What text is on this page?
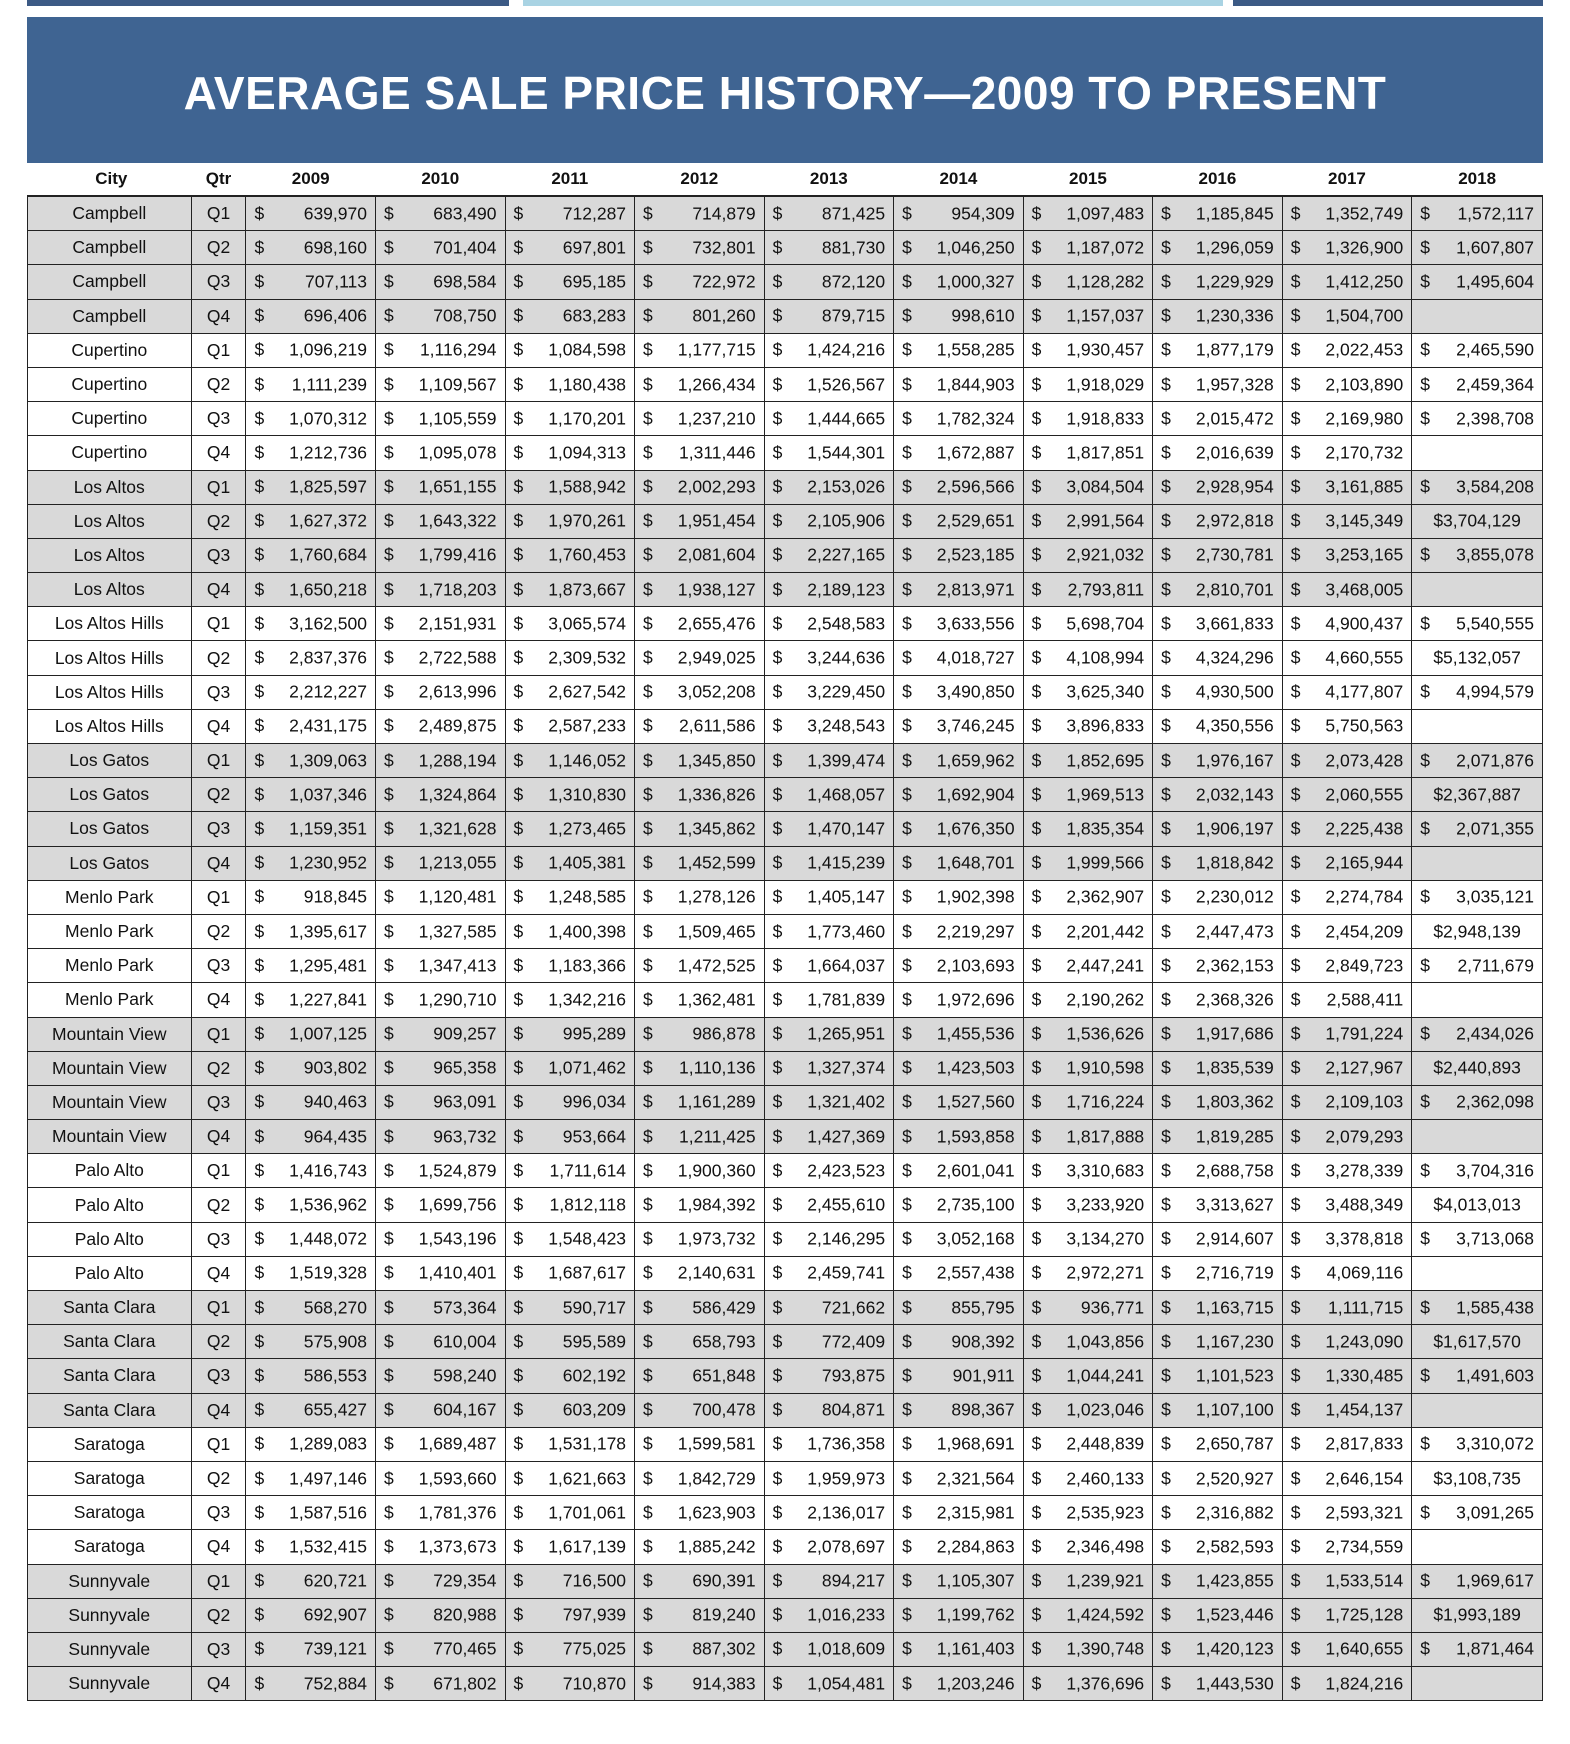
AVERAGE SALE PRICE HISTORY—2009 TO PRESENT
City	Qtr	2009	2010	2011	2012	2013	2014	2015	2016	2017	2018
Campbell	Q1	$ 639,970	$ 683,490	$ 712,287	$ 714,879	$ 871,425	$ 954,309	$ 1,097,483	$ 1,185,845	$ 1,352,749	$ 1,572,117

Campbell	Q2	$ 698,160	$ 701,404	$ 697,801	$ 732,801	$ 881,730	$ 1,046,250	$ 1,187,072	$ 1,296,059	$ 1,326,900	$ 1,607,807

Campbell	Q3	$ 707,113	$ 698,584	$ 695,185	$ 722,972	$ 872,120	$ 1,000,327	$ 1,128,282	$ 1,229,929	$ 1,412,250	$ 1,495,604

Campbell	Q4	$ 696,406	$ 708,750	$ 683,283	$ 801,260	$ 879,715	$ 998,610	$ 1,157,037	$ 1,230,336	$ 1,504,700	

Cupertino	Q1	$ 1,096,219	$ 1,116,294	$ 1,084,598	$ 1,177,715	$ 1,424,216	$ 1,558,285	$ 1,930,457	$ 1,877,179	$ 2,022,453	$ 2,465,590

Cupertino	Q2	$ 1,111,239	$ 1,109,567	$ 1,180,438	$ 1,266,434	$ 1,526,567	$ 1,844,903	$ 1,918,029	$ 1,957,328	$ 2,103,890	$ 2,459,364

Cupertino	Q3	$ 1,070,312	$ 1,105,559	$ 1,170,201	$ 1,237,210	$ 1,444,665	$ 1,782,324	$ 1,918,833	$ 2,015,472	$ 2,169,980	$ 2,398,708

Cupertino	Q4	$ 1,212,736	$ 1,095,078	$ 1,094,313	$ 1,311,446	$ 1,544,301	$ 1,672,887	$ 1,817,851	$ 2,016,639	$ 2,170,732	

Los Altos	Q1	$ 1,825,597	$ 1,651,155	$ 1,588,942	$ 2,002,293	$ 2,153,026	$ 2,596,566	$ 3,084,504	$ 2,928,954	$ 3,161,885	$ 3,584,208

Los Altos	Q2	$ 1,627,372	$ 1,643,322	$ 1,970,261	$ 1,951,454	$ 2,105,906	$ 2,529,651	$ 2,991,564	$ 2,972,818	$ 3,145,349	$3,704,129

Los Altos	Q3	$ 1,760,684	$ 1,799,416	$ 1,760,453	$ 2,081,604	$ 2,227,165	$ 2,523,185	$ 2,921,032	$ 2,730,781	$ 3,253,165	$ 3,855,078

Los Altos	Q4	$ 1,650,218	$ 1,718,203	$ 1,873,667	$ 1,938,127	$ 2,189,123	$ 2,813,971	$ 2,793,811	$ 2,810,701	$ 3,468,005	

Los Altos Hills	Q1	$ 3,162,500	$ 2,151,931	$ 3,065,574	$ 2,655,476	$ 2,548,583	$ 3,633,556	$ 5,698,704	$ 3,661,833	$ 4,900,437	$ 5,540,555

Los Altos Hills	Q2	$ 2,837,376	$ 2,722,588	$ 2,309,532	$ 2,949,025	$ 3,244,636	$ 4,018,727	$ 4,108,994	$ 4,324,296	$ 4,660,555	$5,132,057

Los Altos Hills	Q3	$ 2,212,227	$ 2,613,996	$ 2,627,542	$ 3,052,208	$ 3,229,450	$ 3,490,850	$ 3,625,340	$ 4,930,500	$ 4,177,807	$ 4,994,579

Los Altos Hills	Q4	$ 2,431,175	$ 2,489,875	$ 2,587,233	$ 2,611,586	$ 3,248,543	$ 3,746,245	$ 3,896,833	$ 4,350,556	$ 5,750,563	

Los Gatos	Q1	$ 1,309,063	$ 1,288,194	$ 1,146,052	$ 1,345,850	$ 1,399,474	$ 1,659,962	$ 1,852,695	$ 1,976,167	$ 2,073,428	$ 2,071,876

Los Gatos	Q2	$ 1,037,346	$ 1,324,864	$ 1,310,830	$ 1,336,826	$ 1,468,057	$ 1,692,904	$ 1,969,513	$ 2,032,143	$ 2,060,555	$2,367,887

Los Gatos	Q3	$ 1,159,351	$ 1,321,628	$ 1,273,465	$ 1,345,862	$ 1,470,147	$ 1,676,350	$ 1,835,354	$ 1,906,197	$ 2,225,438	$ 2,071,355

Los Gatos	Q4	$ 1,230,952	$ 1,213,055	$ 1,405,381	$ 1,452,599	$ 1,415,239	$ 1,648,701	$ 1,999,566	$ 1,818,842	$ 2,165,944	

Menlo Park	Q1	$ 918,845	$ 1,120,481	$ 1,248,585	$ 1,278,126	$ 1,405,147	$ 1,902,398	$ 2,362,907	$ 2,230,012	$ 2,274,784	$ 3,035,121

Menlo Park	Q2	$ 1,395,617	$ 1,327,585	$ 1,400,398	$ 1,509,465	$ 1,773,460	$ 2,219,297	$ 2,201,442	$ 2,447,473	$ 2,454,209	$2,948,139

Menlo Park	Q3	$ 1,295,481	$ 1,347,413	$ 1,183,366	$ 1,472,525	$ 1,664,037	$ 2,103,693	$ 2,447,241	$ 2,362,153	$ 2,849,723	$ 2,711,679

Menlo Park	Q4	$ 1,227,841	$ 1,290,710	$ 1,342,216	$ 1,362,481	$ 1,781,839	$ 1,972,696	$ 2,190,262	$ 2,368,326	$ 2,588,411	

Mountain View	Q1	$ 1,007,125	$ 909,257	$ 995,289	$ 986,878	$ 1,265,951	$ 1,455,536	$ 1,536,626	$ 1,917,686	$ 1,791,224	$ 2,434,026

Mountain View	Q2	$ 903,802	$ 965,358	$ 1,071,462	$ 1,110,136	$ 1,327,374	$ 1,423,503	$ 1,910,598	$ 1,835,539	$ 2,127,967	$2,440,893

Mountain View	Q3	$ 940,463	$ 963,091	$ 996,034	$ 1,161,289	$ 1,321,402	$ 1,527,560	$ 1,716,224	$ 1,803,362	$ 2,109,103	$ 2,362,098

Mountain View	Q4	$ 964,435	$ 963,732	$ 953,664	$ 1,211,425	$ 1,427,369	$ 1,593,858	$ 1,817,888	$ 1,819,285	$ 2,079,293	

Palo Alto	Q1	$ 1,416,743	$ 1,524,879	$ 1,711,614	$ 1,900,360	$ 2,423,523	$ 2,601,041	$ 3,310,683	$ 2,688,758	$ 3,278,339	$ 3,704,316

Palo Alto	Q2	$ 1,536,962	$ 1,699,756	$ 1,812,118	$ 1,984,392	$ 2,455,610	$ 2,735,100	$ 3,233,920	$ 3,313,627	$ 3,488,349	$4,013,013

Palo Alto	Q3	$ 1,448,072	$ 1,543,196	$ 1,548,423	$ 1,973,732	$ 2,146,295	$ 3,052,168	$ 3,134,270	$ 2,914,607	$ 3,378,818	$ 3,713,068

Palo Alto	Q4	$ 1,519,328	$ 1,410,401	$ 1,687,617	$ 2,140,631	$ 2,459,741	$ 2,557,438	$ 2,972,271	$ 2,716,719	$ 4,069,116	

Santa Clara	Q1	$ 568,270	$ 573,364	$ 590,717	$ 586,429	$ 721,662	$ 855,795	$ 936,771	$ 1,163,715	$ 1,111,715	$ 1,585,438

Santa Clara	Q2	$ 575,908	$ 610,004	$ 595,589	$ 658,793	$ 772,409	$ 908,392	$ 1,043,856	$ 1,167,230	$ 1,243,090	$1,617,570

Santa Clara	Q3	$ 586,553	$ 598,240	$ 602,192	$ 651,848	$ 793,875	$ 901,911	$ 1,044,241	$ 1,101,523	$ 1,330,485	$ 1,491,603

Santa Clara	Q4	$ 655,427	$ 604,167	$ 603,209	$ 700,478	$ 804,871	$ 898,367	$ 1,023,046	$ 1,107,100	$ 1,454,137	

Saratoga	Q1	$ 1,289,083	$ 1,689,487	$ 1,531,178	$ 1,599,581	$ 1,736,358	$ 1,968,691	$ 2,448,839	$ 2,650,787	$ 2,817,833	$ 3,310,072

Saratoga	Q2	$ 1,497,146	$ 1,593,660	$ 1,621,663	$ 1,842,729	$ 1,959,973	$ 2,321,564	$ 2,460,133	$ 2,520,927	$ 2,646,154	$3,108,735

Saratoga	Q3	$ 1,587,516	$ 1,781,376	$ 1,701,061	$ 1,623,903	$ 2,136,017	$ 2,315,981	$ 2,535,923	$ 2,316,882	$ 2,593,321	$ 3,091,265

Saratoga	Q4	$ 1,532,415	$ 1,373,673	$ 1,617,139	$ 1,885,242	$ 2,078,697	$ 2,284,863	$ 2,346,498	$ 2,582,593	$ 2,734,559	

Sunnyvale	Q1	$ 620,721	$ 729,354	$ 716,500	$ 690,391	$ 894,217	$ 1,105,307	$ 1,239,921	$ 1,423,855	$ 1,533,514	$ 1,969,617

Sunnyvale	Q2	$ 692,907	$ 820,988	$ 797,939	$ 819,240	$ 1,016,233	$ 1,199,762	$ 1,424,592	$ 1,523,446	$ 1,725,128	$1,993,189

Sunnyvale	Q3	$ 739,121	$ 770,465	$ 775,025	$ 887,302	$ 1,018,609	$ 1,161,403	$ 1,390,748	$ 1,420,123	$ 1,640,655	$ 1,871,464

Sunnyvale	Q4	$ 752,884	$ 671,802	$ 710,870	$ 914,383	$ 1,054,481	$ 1,203,246	$ 1,376,696	$ 1,443,530	$ 1,824,216	
